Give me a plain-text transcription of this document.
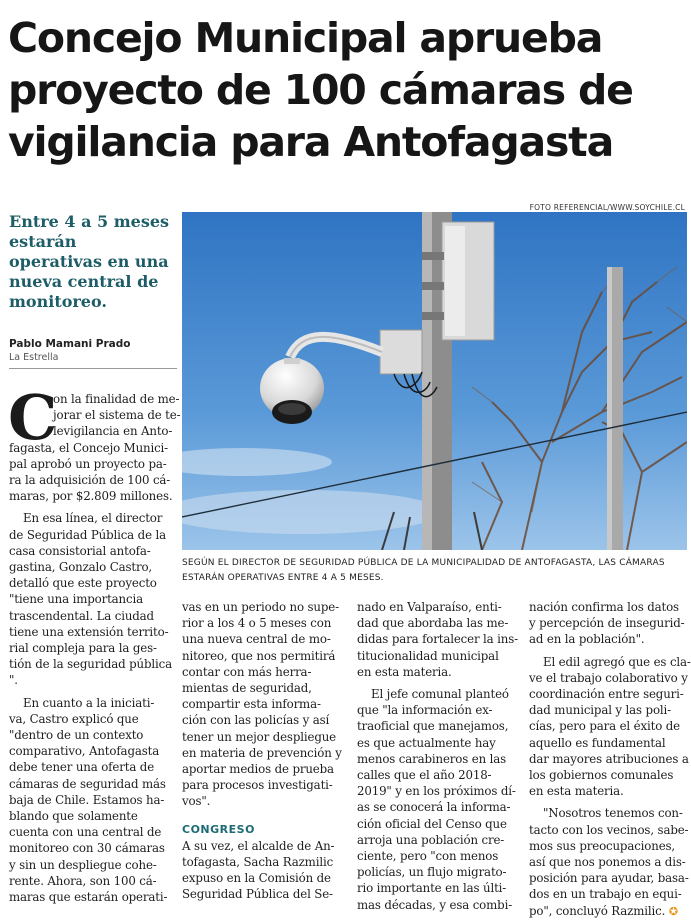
Concejo Municipal aprueba
proyecto de 100 cámaras de
vigilancia para Antofagasta
FOTO REFERENCIAL/WWW.SOYCHILE.CL
SEGÚN EL DIRECTOR DE SEGURIDAD PÚBLICA DE LA MUNICIPALIDAD DE ANTOFAGASTA, LAS CÁMARAS
ESTARÁN OPERATIVAS ENTRE 4 A 5 MESES.
Entre 4 a 5 meses
estarán
operativas en una
nueva central de
monitoreo.
Pablo Mamani Prado
La Estrella
C
on la finalidad de me-
jorar el sistema de te-
levigilancia en Anto-
fagasta, el Concejo Munici-
pal aprobó un proyecto pa-
ra la adquisición de 100 cá-
maras, por $2.809 millones.
En esa línea, el director
de Seguridad Pública de la
casa consistorial antofa-
gastina, Gonzalo Castro,
detalló que este proyecto
"tiene una importancia
trascendental. La ciudad
tiene una extensión territo-
rial compleja para la ges-
tión de la seguridad pública
".
En cuanto a la iniciati-
va, Castro explicó que
"dentro de un contexto
comparativo, Antofagasta
debe tener una oferta de
cámaras de seguridad más
baja de Chile. Estamos ha-
blando que solamente
cuenta con una central de
monitoreo con 30 cámaras
y sin un despliegue cohe-
rente. Ahora, son 100 cá-
maras que estarán operati-
vas en un periodo no supe-
rior a los 4 o 5 meses con
una nueva central de mo-
nitoreo, que nos permitirá
contar con más herra-
mientas de seguridad,
compartir esta informa-
ción con las policías y así
tener un mejor despliegue
en materia de prevención y
aportar medios de prueba
para procesos investigati-
vos".
CONGRESO
A su vez, el alcalde de An-
tofagasta, Sacha Razmilic
expuso en la Comisión de
Seguridad Pública del Se-
nado en Valparaíso, enti-
dad que abordaba las me-
didas para fortalecer la ins-
titucionalidad municipal
en esta materia.
El jefe comunal planteó
que "la información ex-
traoficial que manejamos,
es que actualmente hay
menos carabineros en las
calles que el año 2018-
2019" y en los próximos dí-
as se conocerá la informa-
ción oficial del Censo que
arroja una población cre-
ciente, pero "con menos
policías, un flujo migrato-
rio importante en las últi-
mas décadas, y esa combi-
nación confirma los datos
y percepción de insegurid-
ad en la población".
El edil agregó que es cla-
ve el trabajo colaborativo y
coordinación entre seguri-
dad municipal y las poli-
cías, pero para el éxito de
aquello es fundamental
dar mayores atribuciones a
los gobiernos comunales
en esta materia.
"Nosotros tenemos con-
tacto con los vecinos, sabe-
mos sus preocupaciones,
así que nos ponemos a dis-
posición para ayudar, basa-
dos en un trabajo en equi-
po", concluyó Razmilic. ✪
